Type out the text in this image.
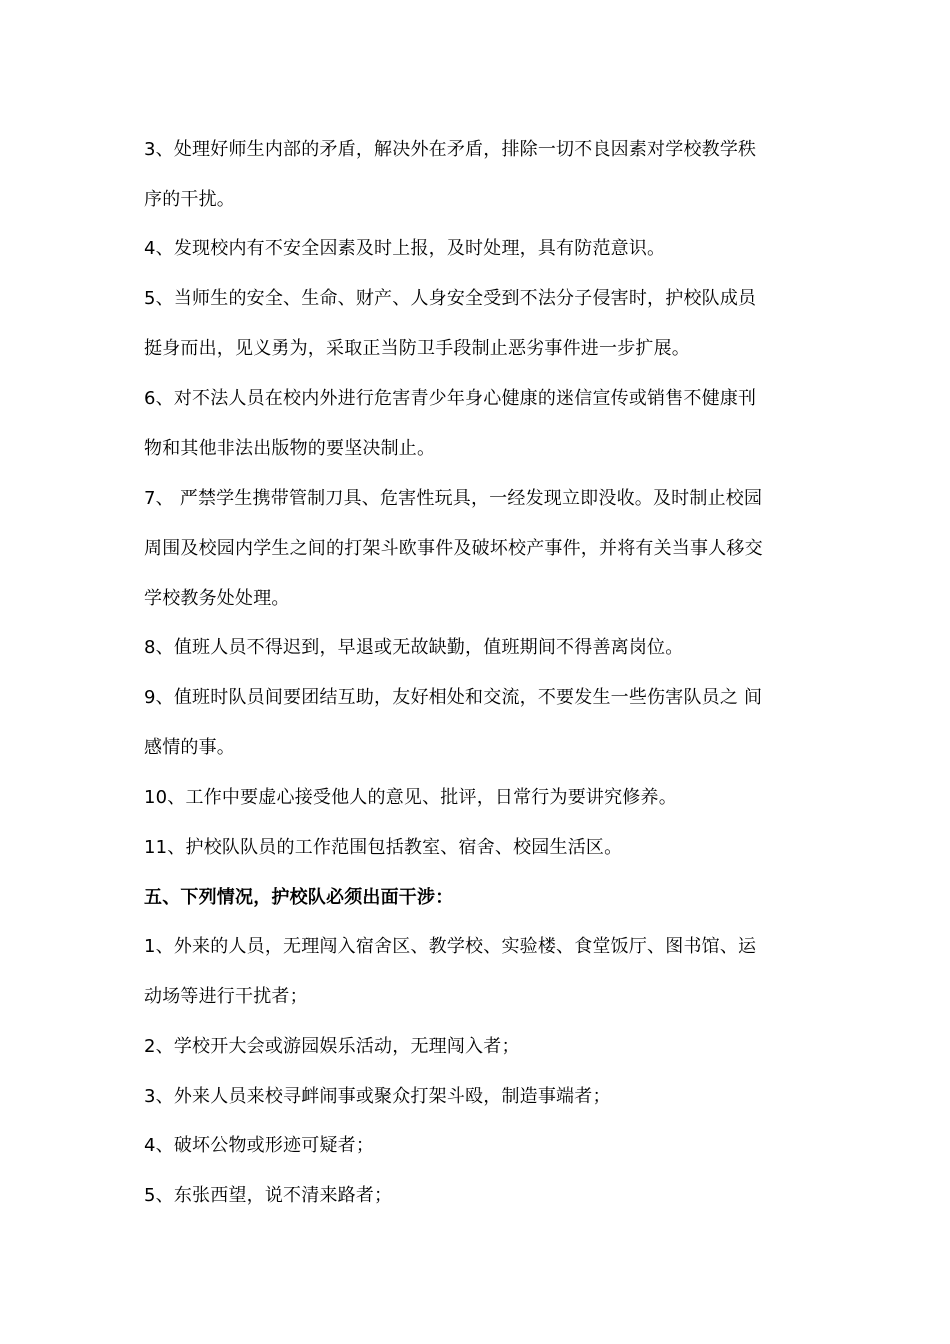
3、处理好师生内部的矛盾，解决外在矛盾，排除一切不良因素对学校教学秩
序的干扰。
4、发现校内有不安全因素及时上报，及时处理，具有防范意识。
5、当师生的安全、生命、财产、人身安全受到不法分子侵害时，护校队成员
挺身而出，见义勇为，采取正当防卫手段制止恶劣事件进一步扩展。
6、对不法人员在校内外进行危害青少年身心健康的迷信宣传或销售不健康刊
物和其他非法出版物的要坚决制止。
7、 严禁学生携带管制刀具、危害性玩具，一经发现立即没收。及时制止校园
周围及校园内学生之间的打架斗欧事件及破坏校产事件，并将有关当事人移交
学校教务处处理。
8、值班人员不得迟到，早退或无故缺勤，值班期间不得善离岗位。
9、值班时队员间要团结互助，友好相处和交流，不要发生一些伤害队员之 间
感情的事。
10、工作中要虚心接受他人的意见、批评，日常行为要讲究修养。
11、护校队队员的工作范围包括教室、宿舍、校园生活区。
五、下列情况，护校队必须出面干涉：
1、外来的人员，无理闯入宿舍区、教学校、实验楼、食堂饭厅、图书馆、运
动场等进行干扰者；
2、学校开大会或游园娱乐活动，无理闯入者；
3、外来人员来校寻衅闹事或聚众打架斗殴，制造事端者；
4、破坏公物或形迹可疑者；
5、东张西望，说不清来路者；
